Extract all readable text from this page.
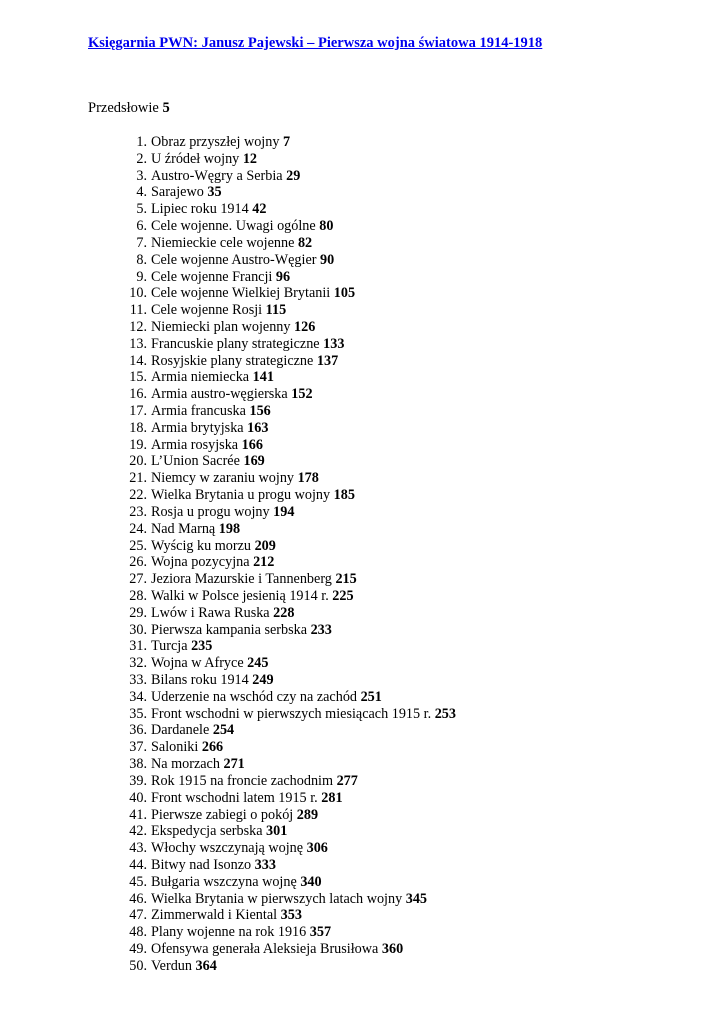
Księgarnia PWN: Janusz Pajewski – Pierwsza wojna światowa 1914-1918
Przedsłowie 5
1. Obraz przyszłej wojny 7
2. U źródeł wojny 12
3. Austro-Węgry a Serbia 29
4. Sarajewo 35
5. Lipiec roku 1914 42
6. Cele wojenne. Uwagi ogólne 80
7. Niemieckie cele wojenne 82
8. Cele wojenne Austro-Węgier 90
9. Cele wojenne Francji 96
10. Cele wojenne Wielkiej Brytanii 105
11. Cele wojenne Rosji 115
12. Niemiecki plan wojenny 126
13. Francuskie plany strategiczne 133
14. Rosyjskie plany strategiczne 137
15. Armia niemiecka 141
16. Armia austro-węgierska 152
17. Armia francuska 156
18. Armia brytyjska 163
19. Armia rosyjska 166
20. L’Union Sacrée 169
21. Niemcy w zaraniu wojny 178
22. Wielka Brytania u progu wojny 185
23. Rosja u progu wojny 194
24. Nad Marną 198
25. Wyścig ku morzu 209
26. Wojna pozycyjna 212
27. Jeziora Mazurskie i Tannenberg 215
28. Walki w Polsce jesienią 1914 r. 225
29. Lwów i Rawa Ruska 228
30. Pierwsza kampania serbska 233
31. Turcja 235
32. Wojna w Afryce 245
33. Bilans roku 1914 249
34. Uderzenie na wschód czy na zachód 251
35. Front wschodni w pierwszych miesiącach 1915 r. 253
36. Dardanele 254
37. Saloniki 266
38. Na morzach 271
39. Rok 1915 na froncie zachodnim 277
40. Front wschodni latem 1915 r. 281
41. Pierwsze zabiegi o pokój 289
42. Ekspedycja serbska 301
43. Włochy wszczynają wojnę 306
44. Bitwy nad Isonzo 333
45. Bułgaria wszczyna wojnę 340
46. Wielka Brytania w pierwszych latach wojny 345
47. Zimmerwald i Kiental 353
48. Plany wojenne na rok 1916 357
49. Ofensywa generała Aleksieja Brusiłowa 360
50. Verdun 364
